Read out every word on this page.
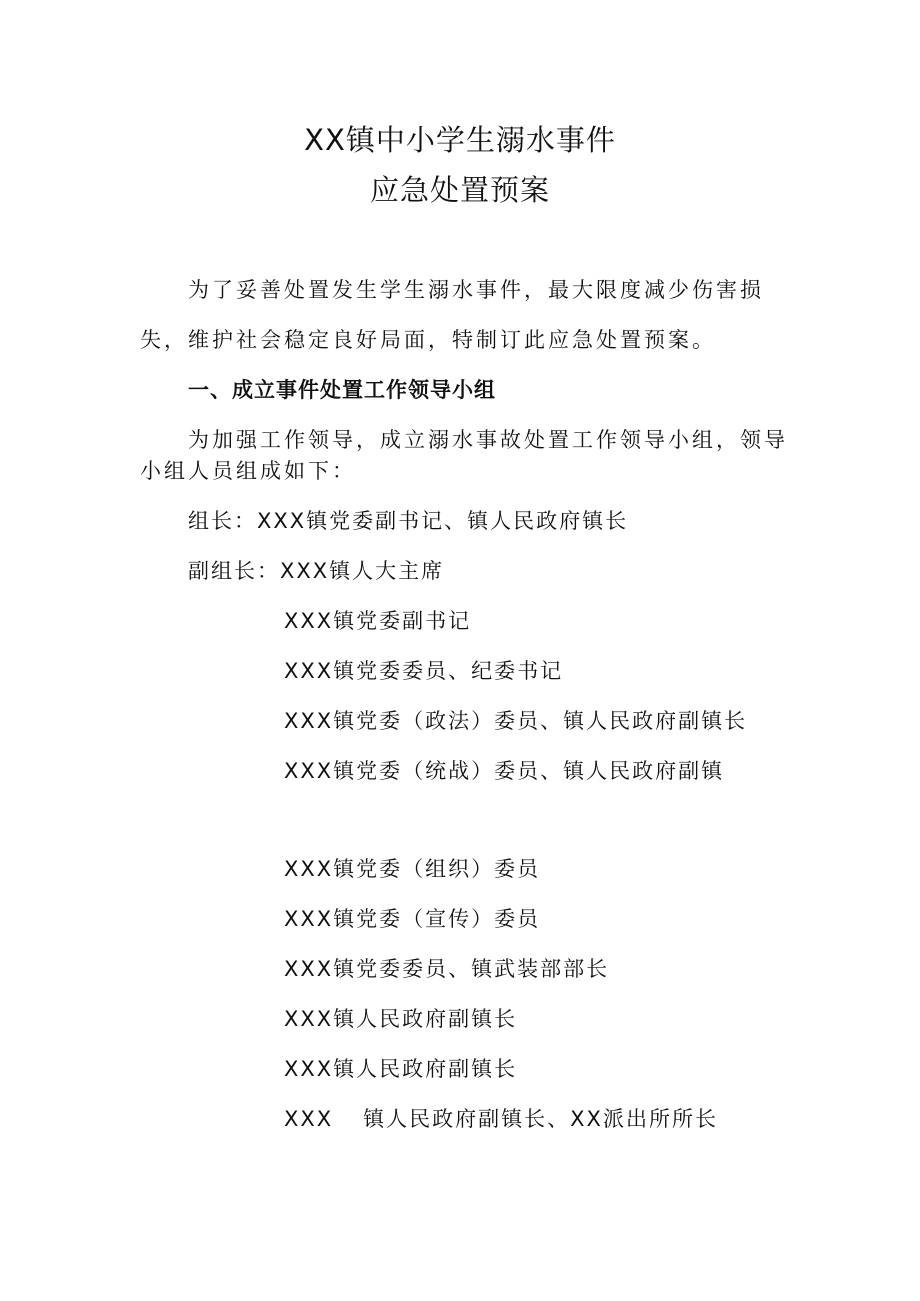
XX镇中小学生溺水事件
应急处置预案
为了妥善处置发生学生溺水事件，最大限度减少伤害损
失，维护社会稳定良好局面，特制订此应急处置预案。
一、成立事件处置工作领导小组
为加强工作领导，成立溺水事故处置工作领导小组，领导
小组人员组成如下：
组长：XXX镇党委副书记、镇人民政府镇长
副组长：XXX镇人大主席
XXX镇党委副书记
XXX镇党委委员、纪委书记
XXX镇党委（政法）委员、镇人民政府副镇长
XXX镇党委（统战）委员、镇人民政府副镇
XXX镇党委（组织）委员
XXX镇党委（宣传）委员
XXX镇党委委员、镇武装部部长
XXX镇人民政府副镇长
XXX镇人民政府副镇长
XXX 镇人民政府副镇长、XX派出所所长
